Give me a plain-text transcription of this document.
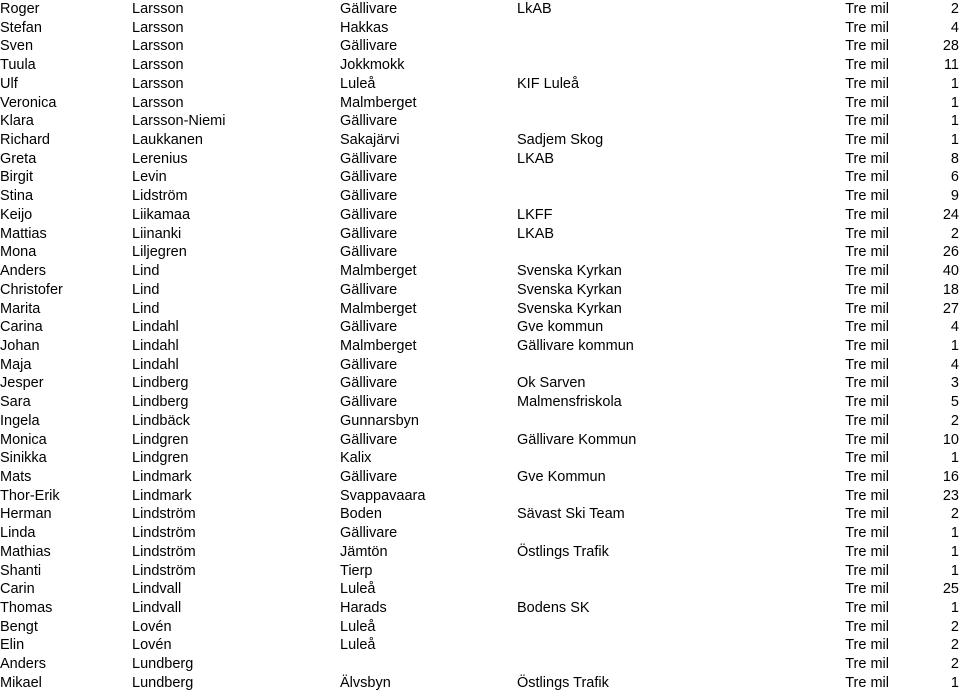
Roger	Larsson	Gällivare	LkAB	Tre mil	2
Stefan	Larsson	Hakkas		Tre mil	4
Sven	Larsson	Gällivare		Tre mil	28
Tuula	Larsson	Jokkmokk		Tre mil	11
Ulf	Larsson	Luleå	KIF Luleå	Tre mil	1
Veronica	Larsson	Malmberget		Tre mil	1
Klara	Larsson-Niemi	Gällivare		Tre mil	1
Richard	Laukkanen	Sakajärvi	Sadjem Skog	Tre mil	1
Greta	Lerenius	Gällivare	LKAB	Tre mil	8
Birgit	Levin	Gällivare		Tre mil	6
Stina	Lidström	Gällivare		Tre mil	9
Keijo	Liikamaa	Gällivare	LKFF	Tre mil	24
Mattias	Liinanki	Gällivare	LKAB	Tre mil	2
Mona	Liljegren	Gällivare		Tre mil	26
Anders	Lind	Malmberget	Svenska Kyrkan	Tre mil	40
Christofer	Lind	Gällivare	Svenska Kyrkan	Tre mil	18
Marita	Lind	Malmberget	Svenska Kyrkan	Tre mil	27
Carina	Lindahl	Gällivare	Gve kommun	Tre mil	4
Johan	Lindahl	Malmberget	Gällivare kommun	Tre mil	1
Maja	Lindahl	Gällivare		Tre mil	4
Jesper	Lindberg	Gällivare	Ok Sarven	Tre mil	3
Sara	Lindberg	Gällivare	Malmensfriskola	Tre mil	5
Ingela	Lindbäck	Gunnarsbyn		Tre mil	2
Monica	Lindgren	Gällivare	Gällivare Kommun	Tre mil	10
Sinikka	Lindgren	Kalix		Tre mil	1
Mats	Lindmark	Gällivare	Gve Kommun	Tre mil	16
Thor-Erik	Lindmark	Svappavaara		Tre mil	23
Herman	Lindström	Boden	Sävast Ski Team	Tre mil	2
Linda	Lindström	Gällivare		Tre mil	1
Mathias	Lindström	Jämtön	Östlings Trafik	Tre mil	1
Shanti	Lindström	Tierp		Tre mil	1
Carin	Lindvall	Luleå		Tre mil	25
Thomas	Lindvall	Harads	Bodens SK	Tre mil	1
Bengt	Lovén	Luleå		Tre mil	2
Elin	Lovén	Luleå		Tre mil	2
Anders	Lundberg			Tre mil	2
Mikael	Lundberg	Älvsbyn	Östlings Trafik	Tre mil	1
